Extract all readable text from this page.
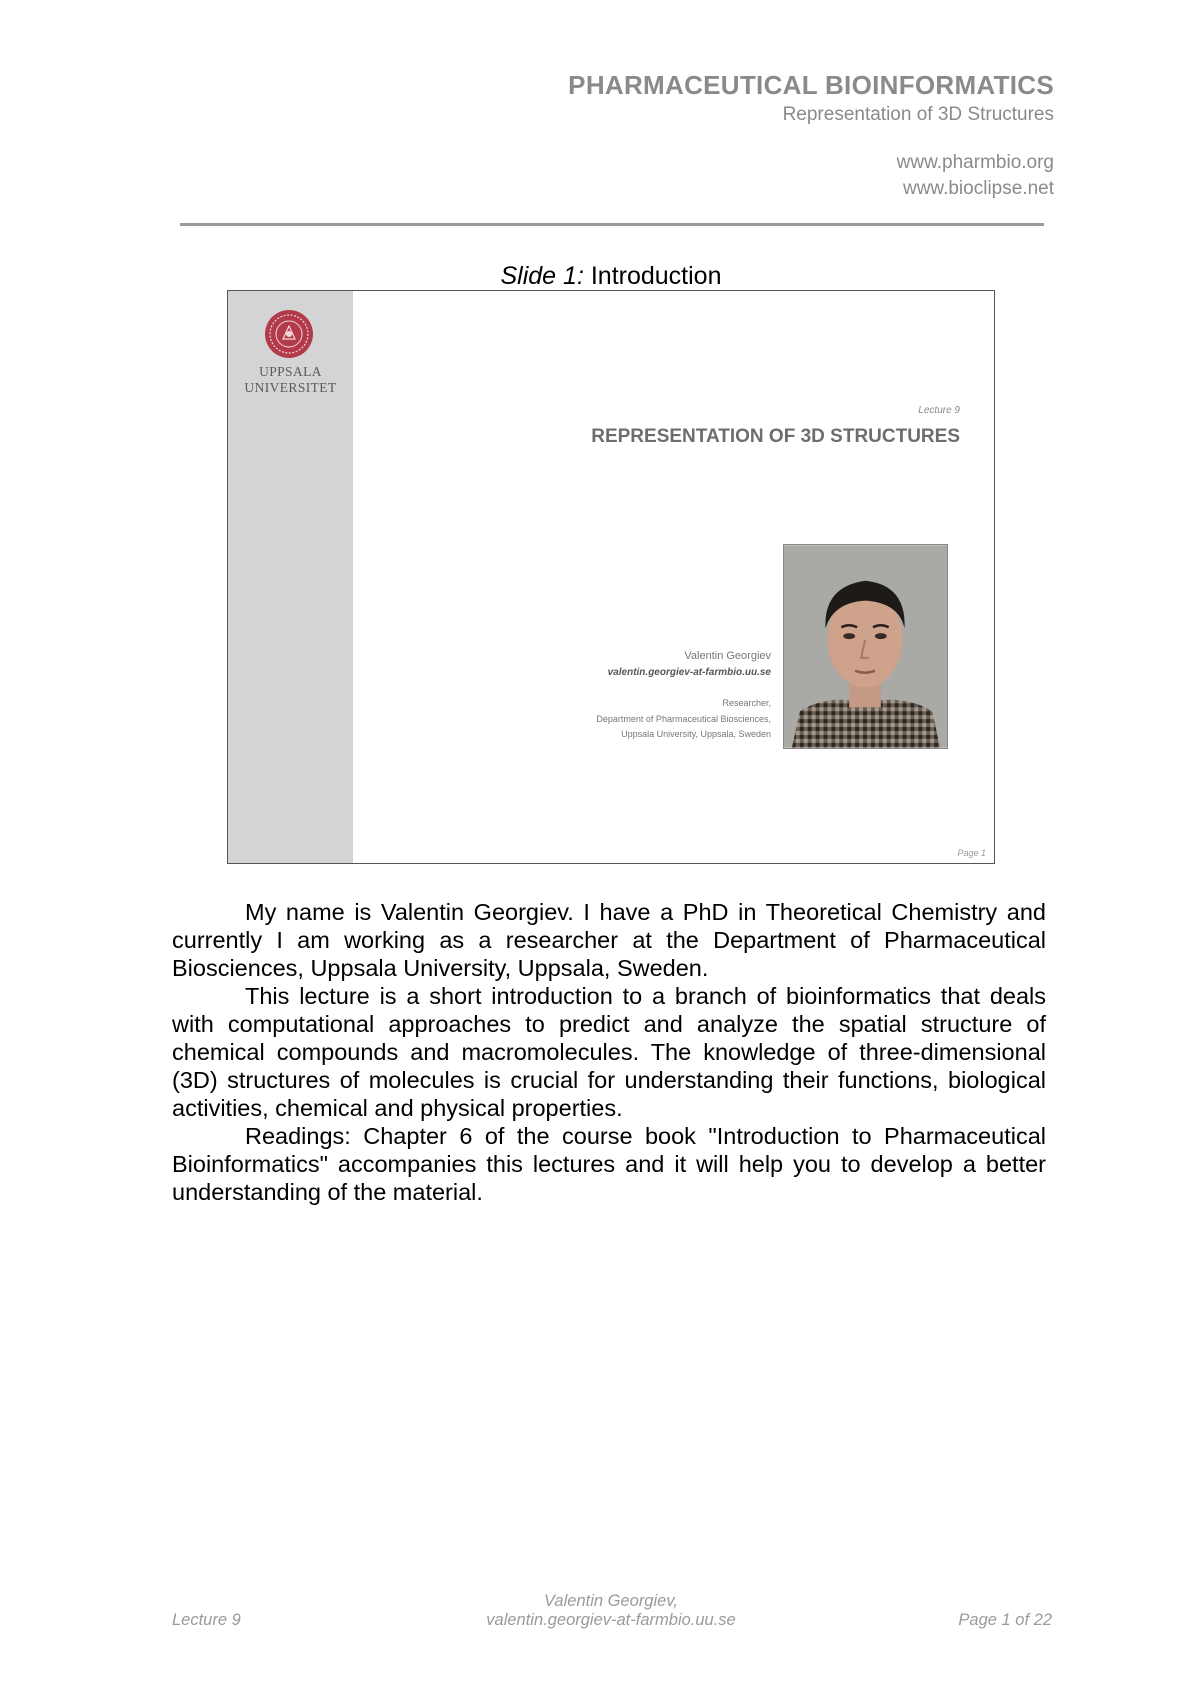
PHARMACEUTICAL BIOINFORMATICS
Representation of 3D Structures
www.pharmbio.org
www.bioclipse.net
Slide 1: Introduction
UPPSALA
UNIVERSITET
Lecture 9
REPRESENTATION OF 3D STRUCTURES
Valentin Georgiev
valentin.georgiev-at-farmbio.uu.se
Researcher,
Department of Pharmaceutical Biosciences,
Uppsala University, Uppsala, Sweden
Page 1

My name is Valentin Georgiev. I have a PhD in Theoretical Chemistry and currently I am working as a researcher at the Department of Pharmaceutical Biosciences, Uppsala University, Uppsala, Sweden.

This lecture is a short introduction to a branch of bioinformatics that deals with computational approaches to predict and analyze the spatial structure of chemical compounds and macromolecules. The knowledge of three-dimensional (3D) structures of molecules is crucial for understanding their functions, biological activities, chemical and physical properties.

Readings: Chapter 6 of the course book "Introduction to Pharmaceutical Bioinformatics" accompanies this lectures and it will help you to develop a better understanding of the material.

Lecture 9
Valentin Georgiev,
valentin.georgiev-at-farmbio.uu.se	Page 1 of 22
